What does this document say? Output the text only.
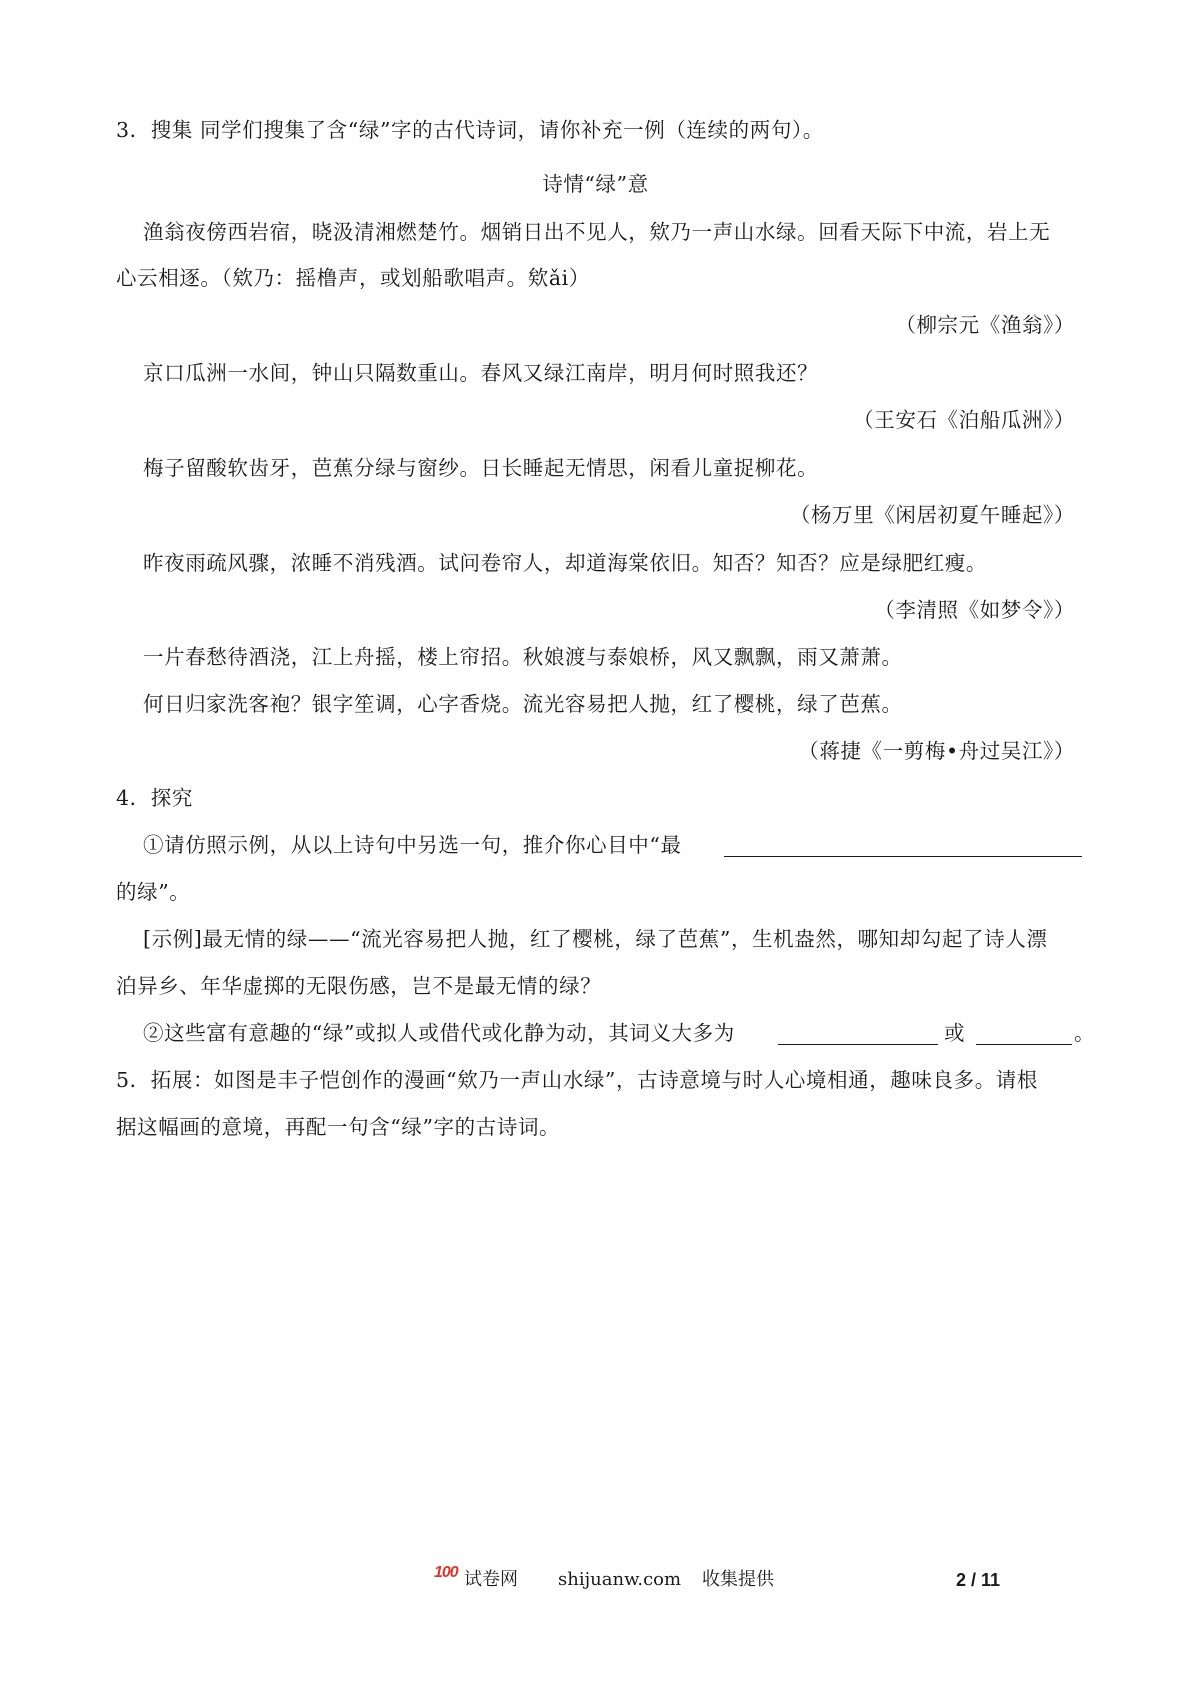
3．搜集 同学们搜集了含“绿”字的古代诗词，请你补充一例（连续的两句）。
诗情“绿”意
渔翁夜傍西岩宿，晓汲清湘燃楚竹。烟销日出不见人，欸乃一声山水绿。回看天际下中流，岩上无
心云相逐。（欸乃：摇橹声，或划船歌唱声。欸ǎi）
（柳宗元《渔翁》）
京口瓜洲一水间，钟山只隔数重山。春风又绿江南岸，明月何时照我还？
（王安石《泊船瓜洲》）
梅子留酸软齿牙，芭蕉分绿与窗纱。日长睡起无情思，闲看儿童捉柳花。
（杨万里《闲居初夏午睡起》）
昨夜雨疏风骤，浓睡不消残酒。试问卷帘人，却道海棠依旧。知否？知否？应是绿肥红瘦。
（李清照《如梦令》）
一片春愁待酒浇，江上舟摇，楼上帘招。秋娘渡与泰娘桥，风又飘飘，雨又萧萧。
何日归家洗客袍？银字笙调，心字香烧。流光容易把人抛，红了樱桃，绿了芭蕉。
（蒋捷《一剪梅•舟过吴江》）
4．探究
①请仿照示例，从以上诗句中另选一句，推介你心目中“最
的绿”。
[示例]最无情的绿——“流光容易把人抛，红了樱桃，绿了芭蕉”，生机盎然，哪知却勾起了诗人漂
泊异乡、年华虚掷的无限伤感，岂不是最无情的绿？
②这些富有意趣的“绿”或拟人或借代或化静为动，其词义大多为	或	。
5．拓展：如图是丰子恺创作的漫画“欸乃一声山水绿”，古诗意境与时人心境相通，趣味良多。请根
据这幅画的意境，再配一句含“绿”字的古诗词。
100 试卷网 shijuanw.com 收集提供	2 / 11
